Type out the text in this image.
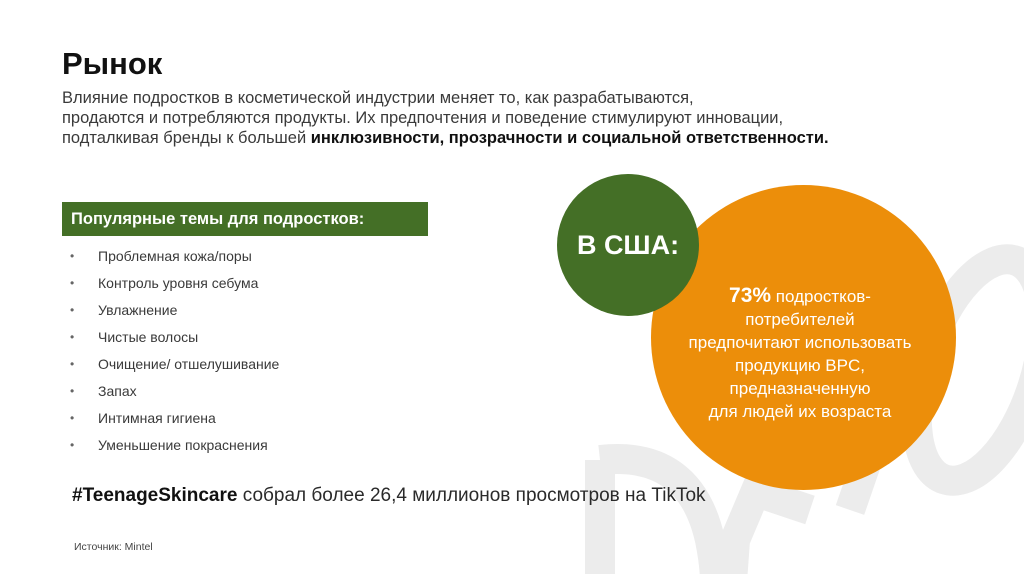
Рынок
Влияние подростков в косметической индустрии меняет то, как разрабатываются,
продаются и потребляются продукты. Их предпочтения и поведение стимулируют инновации,
подталкивая бренды к большей инклюзивности, прозрачности и социальной ответственности.
Популярные темы для подростков:
• Проблемная кожа/поры
• Контроль уровня себума
• Увлажнение
• Чистые волосы
• Очищение/ отшелушивание
• Запах
• Интимная гигиена
• Уменьшение покраснения
#TeenageSkincare собрал более 26,4 миллионов просмотров на TikTok
Источник: Mintel
В США:
73% подростков-
потребителей
предпочитают использовать
продукцию BPC,
предназначенную
для людей их возраста
